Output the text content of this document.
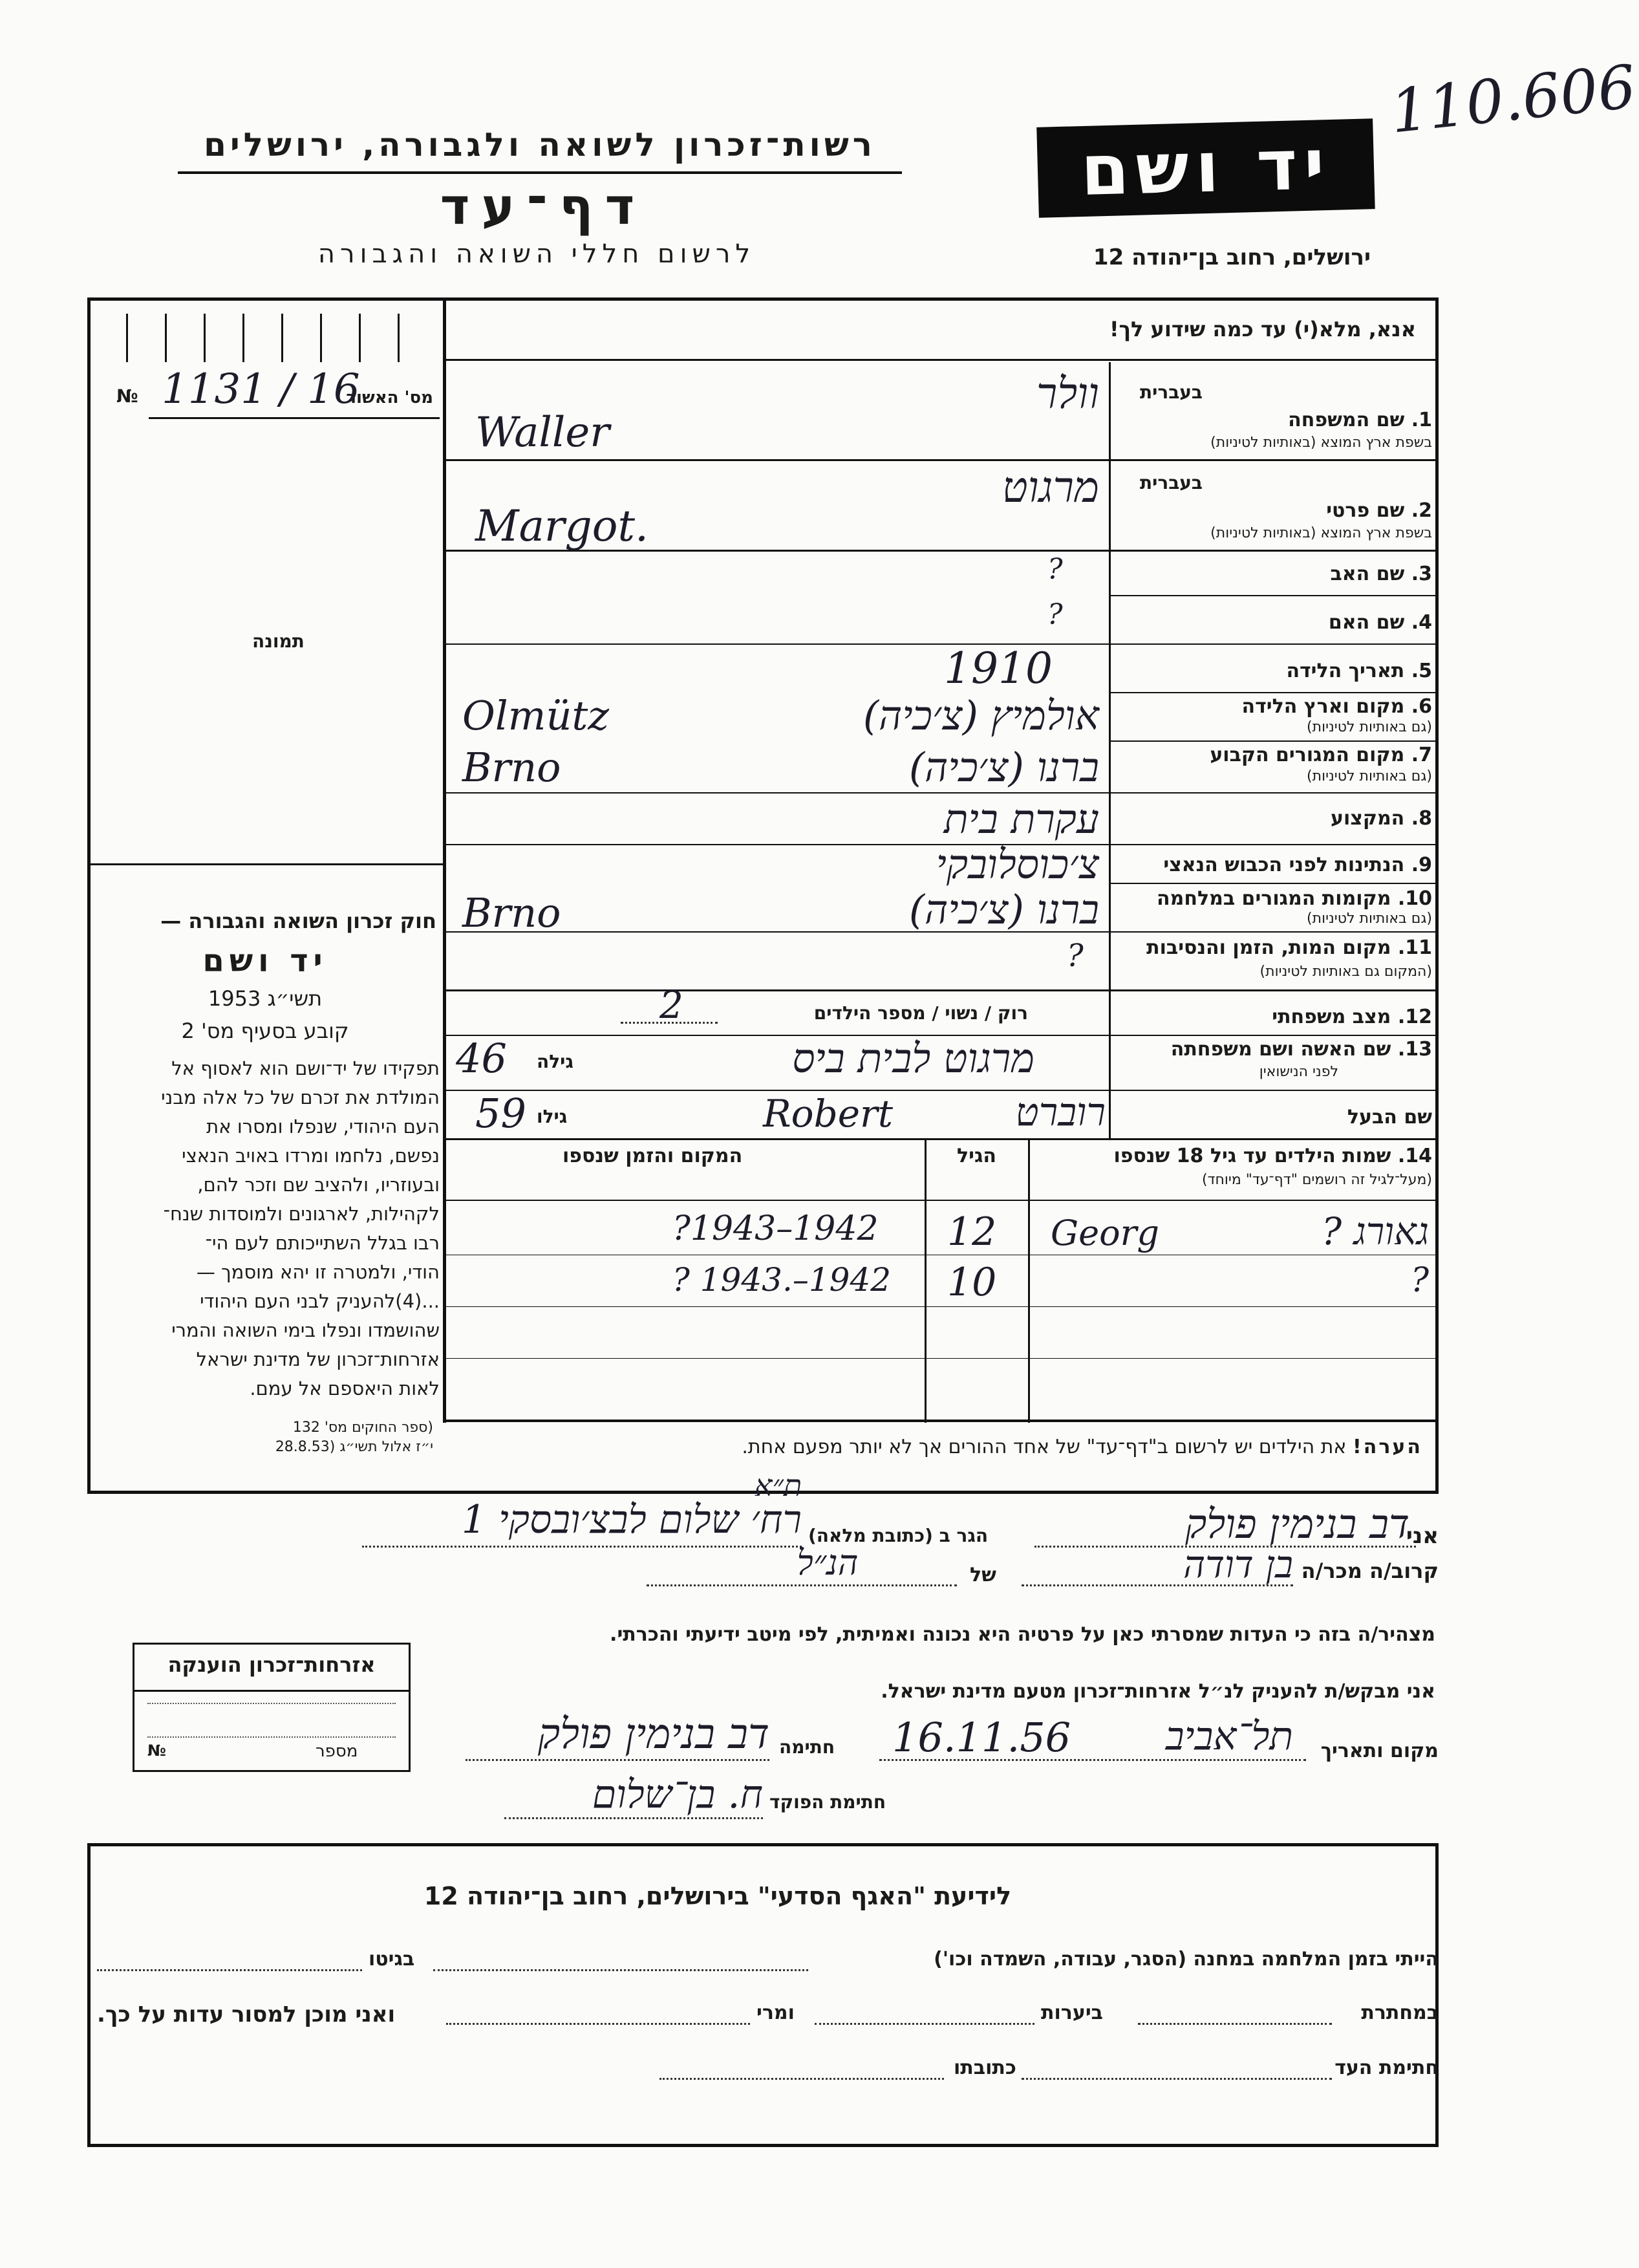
110.606
רשות־זכרון לשואה ולגבורה, ירושלים
דף־עד
לרשום חללי השואה והגבורה
יד ושם
ירושלים, רחוב בן־יהודה 12
אנא, מלא(י) עד כמה שידוע לך!
מס' האשור
№ 1131 / 16
תמונה
חוק זכרון השואה והגבורה —
יד ושם
תשי״ג 1953
קובע בסעיף מס' 2
תפקידו של יד־ושם הוא לאסוף אל
המולדת את זכרם של כל אלה מבני
העם היהודי, שנפלו ומסרו את
נפשם, נלחמו ומרדו באויב הנאצי
ובעוזריו, ולהציב שם וזכר להם,
לקהילות, לארגונים ולמוסדות שנח־
רבו בגלל השתייכותם לעם הי־
הודי, ולמטרה זו יהא מוסמך —
...(4)להעניק לבני העם היהודי
שהושמדו ונפלו בימי השואה והמרי
אזרחות־זכרון של מדינת ישראל
לאות היאספם אל עמם.
(ספר החוקים מס' 132
י״ז אלול תשי״ג (28.8.53
בעברית
1. שם המשפחה
בשפת ארץ המוצא (באותיות לטיניות)
וולר
Waller
בעברית
2. שם פרטי
בשפת ארץ המוצא (באותיות לטיניות)
מרגוט
Margot.
3. שם האב
?
4. שם האם
?
5. תאריך הלידה
1910
6. מקום וארץ הלידה
(גם באותיות לטיניות)
אולמיץ (צ׳כיה)
Olmütz
7. מקום המגורים הקבוע
(גם באותיות לטיניות)
ברנו (צ׳כיה)
Brno
8. המקצוע
עקרת בית
9. הנתינות לפני הכבוש הנאצי
צ׳כוסלובקי
10. מקומות המגורים במלחמה
(גם באותיות לטיניות)
ברנו (צ׳כיה)
Brno
11. מקום המות, הזמן והנסיבות
(המקום גם באותיות לטיניות)
?
12. מצב משפחתי
רוק / נשוי / מספר הילדים
2
13. שם האשה ושם משפחתה
לפני הנישואין
מרגוט לבית ביס
גילה
46
שם הבעל
רוברט
Robert
גילו
59
14. שמות הילדים עד גיל 18 שנספו
(מעל־לגיל זה רושמים "דף־עד" מיוחד)
הגיל
המקום והזמן שנספו
גאורג ?
Georg
12
?1943–1942
?
10
? 1943.–1942
הערה! את הילדים יש לרשום ב"דף־עד" של אחד ההורים אך לא יותר מפעם אחת.
אני
דב בנימין פולק
הגר ב (כתובת מלאה)
ת״א
רח׳ שלום לבצ׳ובסקי 1
קרוב/ה מכר/ה
בן דודה
של
הנ״ל
מצהיר/ה בזה כי העדות שמסרתי כאן על פרטיה היא נכונה ואמיתית, לפי מיטב ידיעתי והכרתי.
אני מבקש/ת להעניק לנ״ל אזרחות־זכרון מטעם מדינת ישראל.
מקום ותאריך
תל־אביב
16.11.56
חתימה
דב בנימין פולק
חתימת הפוקד
ח. בן־שלום
אזרחות־זכרון הוענקה
№	מספר
לידיעת "האגף הסדעי" בירושלים, רחוב בן־יהודה 12
הייתי בזמן המלחמה במחנה (הסגר, עבודה, השמדה וכו')
בגיטו
במחתרת
ביערות
ומרי
ואני מוכן למסור עדות על כך.
חתימת העד
כתובתו
